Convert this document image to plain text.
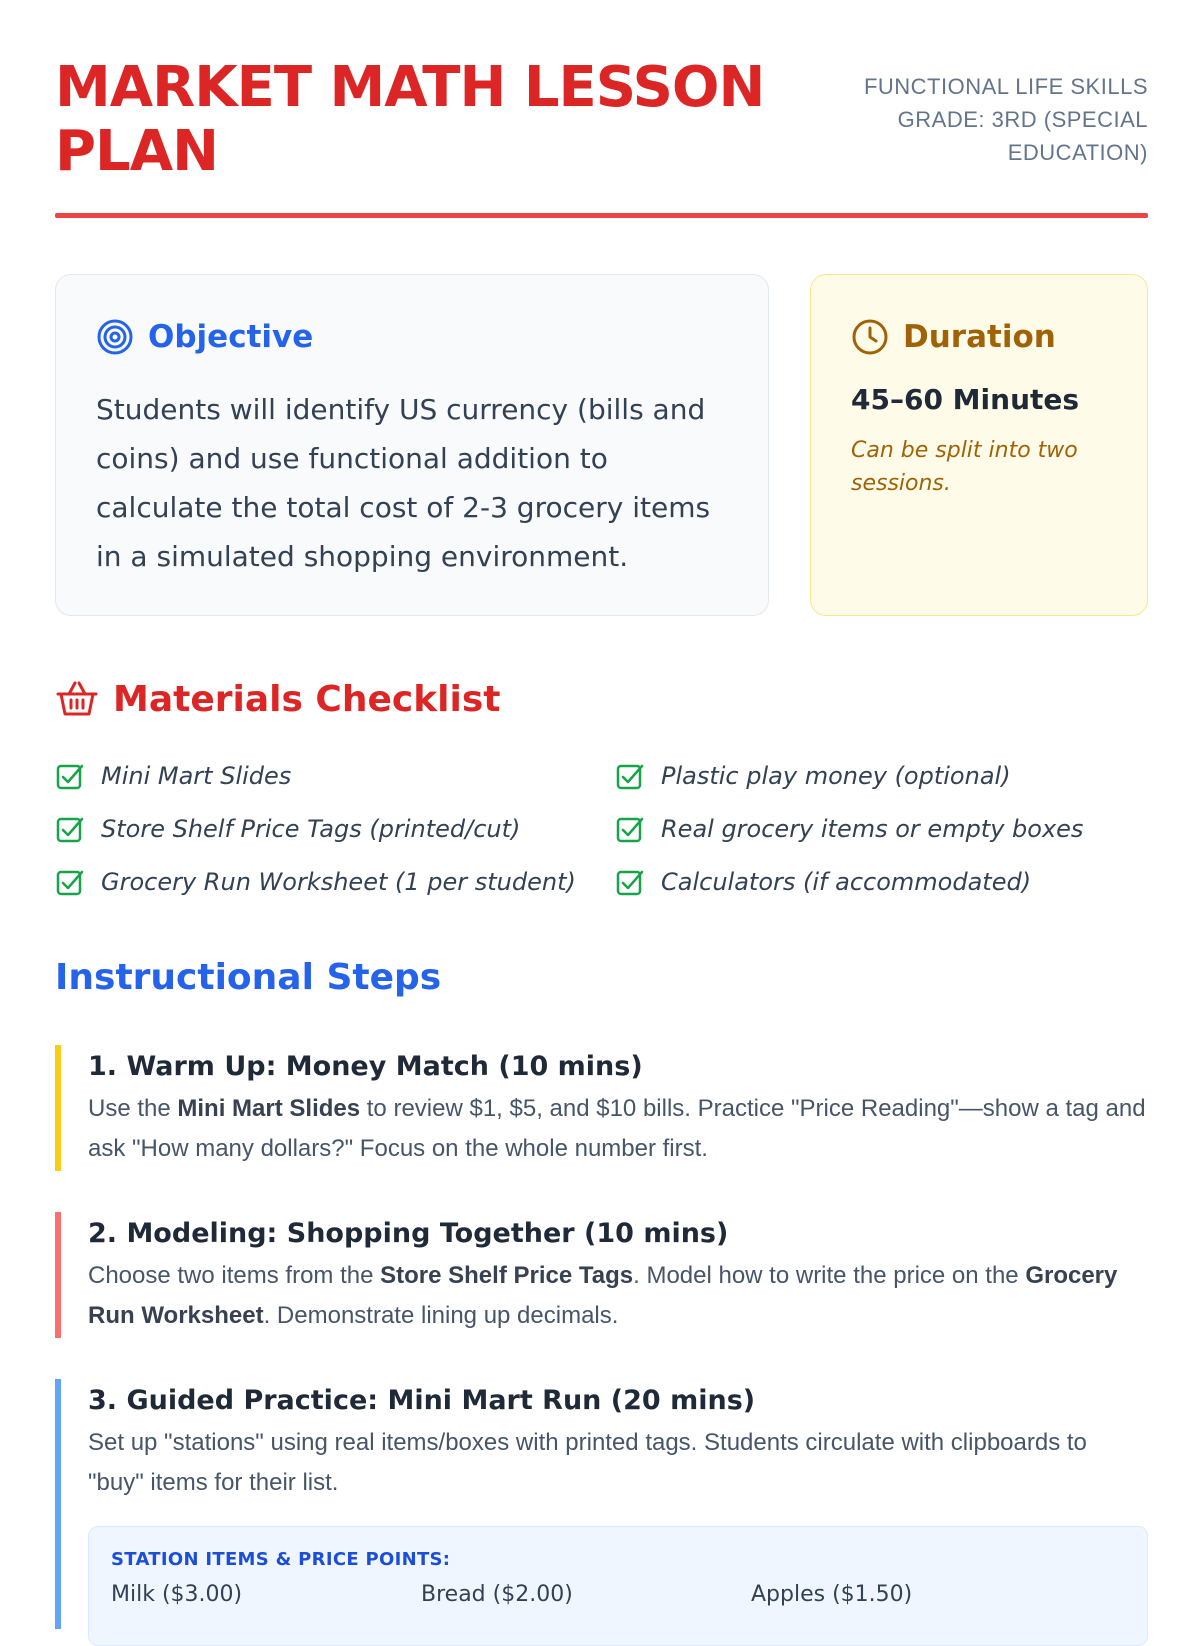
MARKET MATH LESSON PLAN
FUNCTIONAL LIFE SKILLS
GRADE: 3RD (SPECIAL
EDUCATION)
Objective
Students will identify US currency (bills and coins) and use functional addition to calculate the total cost of 2-3 grocery items in a simulated shopping environment.
Duration
45–60 Minutes
Can be split into two sessions.
Materials Checklist
Mini Mart Slides
Store Shelf Price Tags (printed/cut)
Grocery Run Worksheet (1 per student)
Plastic play money (optional)
Real grocery items or empty boxes
Calculators (if accommodated)
Instructional Steps
1. Warm Up: Money Match (10 mins)
Use the Mini Mart Slides to review $1, $5, and $10 bills. Practice "Price Reading"—show a tag and ask "How many dollars?" Focus on the whole number first.
2. Modeling: Shopping Together (10 mins)
Choose two items from the Store Shelf Price Tags. Model how to write the price on the Grocery Run Worksheet. Demonstrate lining up decimals.
3. Guided Practice: Mini Mart Run (20 mins)
Set up "stations" using real items/boxes with printed tags. Students circulate with clipboards to "buy" items for their list.
STATION ITEMS & PRICE POINTS:
Milk ($3.00)	Bread ($2.00)	Apples ($1.50)
